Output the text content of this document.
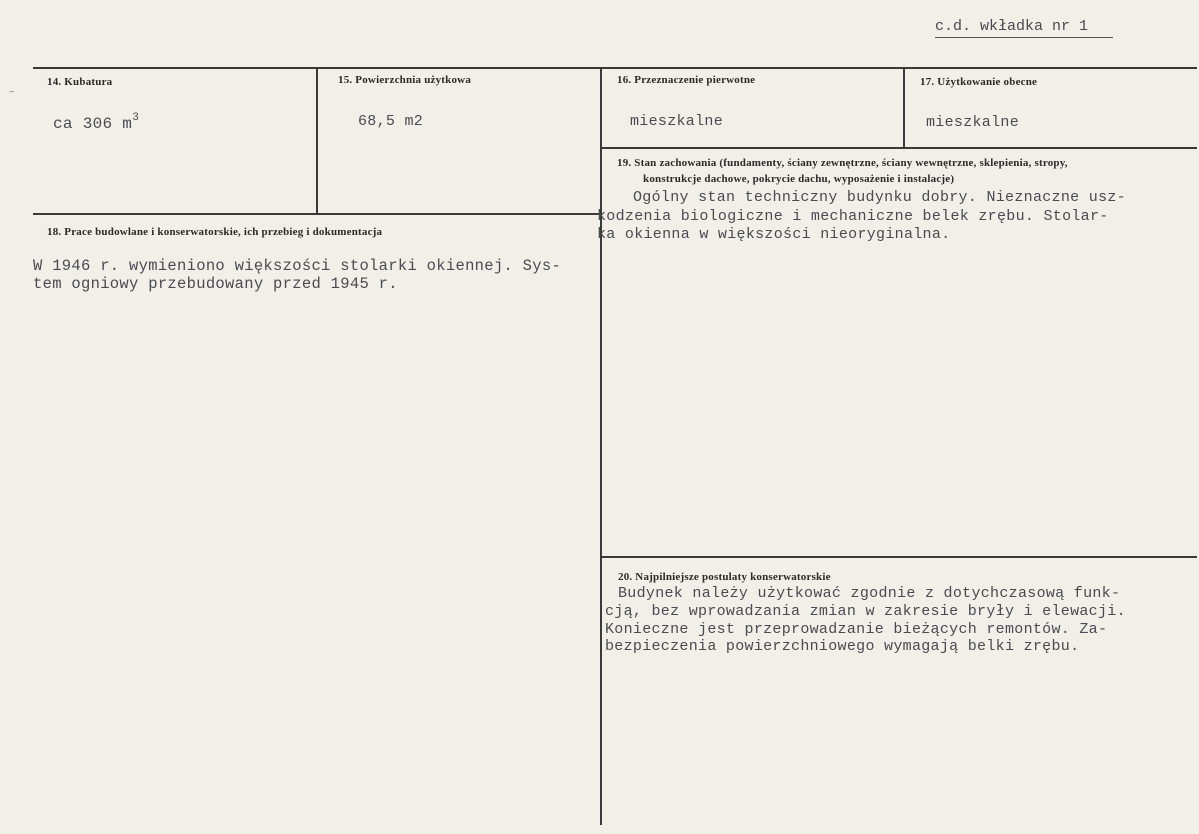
c.d. wkładka nr 1
⁻
14. Kubatura
ca 306 $m^3$
15. Powierzchnia użytkowa
68,5 m2
16. Przeznaczenie pierwotne
mieszkalne
17. Użytkowanie obecne
mieszkalne
18. Prace budowlane i konserwatorskie, ich przebieg i dokumentacja
W 1946 r. wymieniono większości stolarki okiennej. Sys-
tem ogniowy przebudowany przed 1945 r.
19. Stan zachowania (fundamenty, ściany zewnętrzne, ściany wewnętrzne, sklepienia, stropy,
konstrukcje dachowe, pokrycie dachu, wyposażenie i instalacje)
Ogólny stan techniczny budynku dobry. Nieznaczne usz-
kodzenia biologiczne i mechaniczne belek zrębu. Stolar-
ka okienna w większości nieoryginalna.
20. Najpilniejsze postulaty konserwatorskie
Budynek należy użytkować zgodnie z dotychczasową funk-
cją, bez wprowadzania zmian w zakresie bryły i elewacji.
Konieczne jest przeprowadzanie bieżących remontów. Za-
bezpieczenia powierzchniowego wymagają belki zrębu.
